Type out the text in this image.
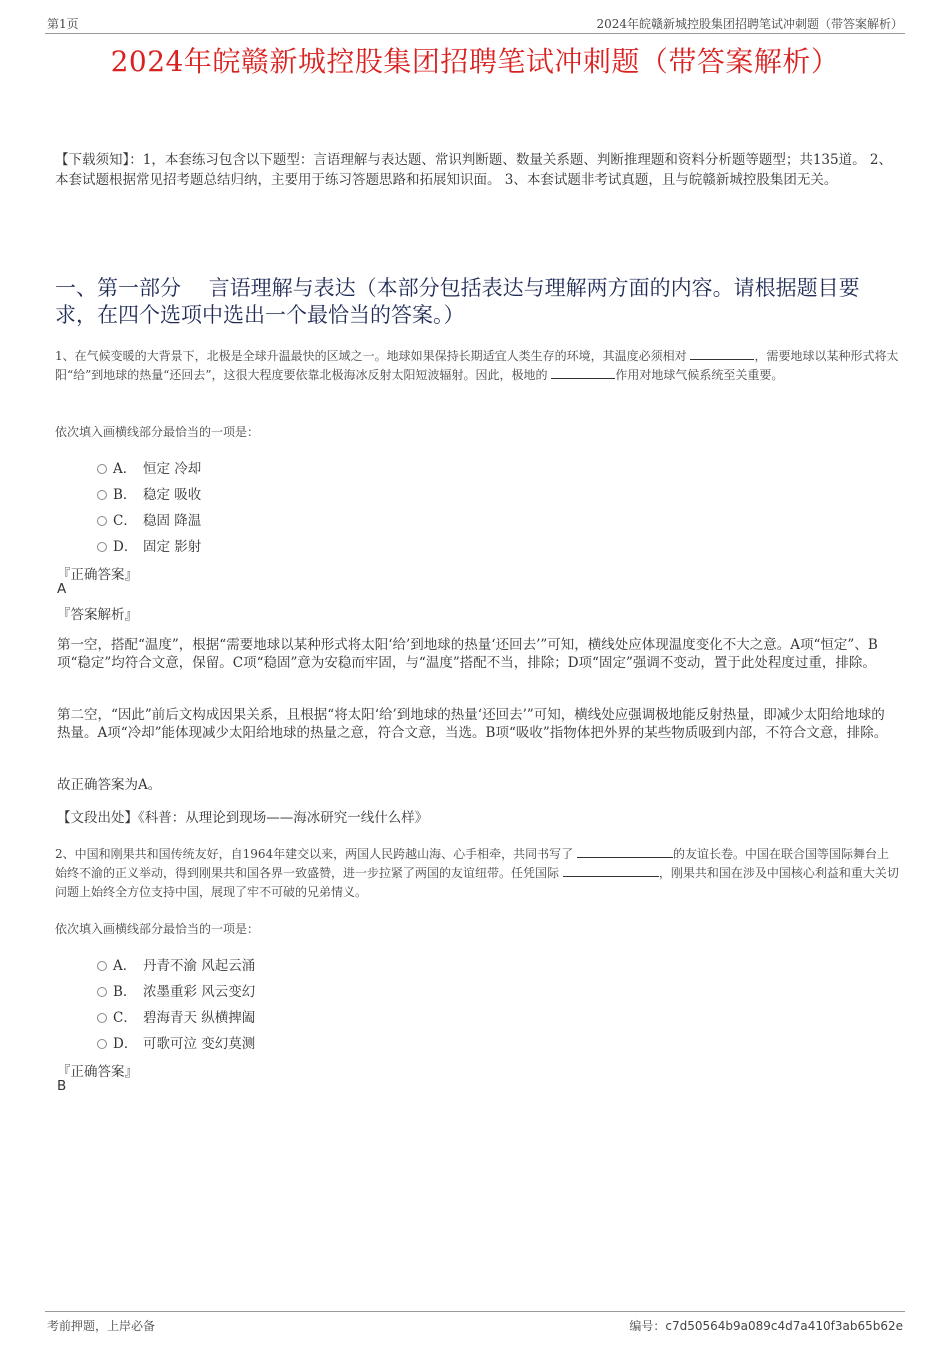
第1页	2024年皖赣新城控股集团招聘笔试冲刺题（带答案解析）
2024年皖赣新城控股集团招聘笔试冲刺题（带答案解析）
【下载须知】：1，本套练习包含以下题型：言语理解与表达题、常识判断题、数量关系题、判断推理题和资料分析题等题型；共135道。 2、本套试题根据常见招考题总结归纳，主要用于练习答题思路和拓展知识面。 3、本套试题非考试真题，且与皖赣新城控股集团无关。
一、第一部分　 言语理解与表达（本部分包括表达与理解两方面的内容。请根据题目要求，在四个选项中选出一个最恰当的答案。）
1、在气候变暖的大背景下，北极是全球升温最快的区域之一。地球如果保持长期适宜人类生存的环境，其温度必须相对	，需要地球以某种形式将太阳“给”到地球的热量“还回去”，这很大程度要依靠北极海冰反射太阳短波辐射。因此，极地的	作用对地球气候系统至关重要。
依次填入画横线部分最恰当的一项是：
A． 恒定 冷却
B． 稳定 吸收
C． 稳固 降温
D． 固定 影射
『正确答案』
A
『答案解析』
第一空，搭配“温度”，根据“需要地球以某种形式将太阳‘给’到地球的热量‘还回去’”可知，横线处应体现温度变化不大之意。A项“恒定”、B项“稳定”均符合文意，保留。C项“稳固”意为安稳而牢固，与“温度”搭配不当，排除；D项“固定”强调不变动，置于此处程度过重，排除。
第二空，“因此”前后文构成因果关系，且根据“将太阳‘给’到地球的热量‘还回去’”可知，横线处应强调极地能反射热量，即减少太阳给地球的热量。A项“冷却”能体现减少太阳给地球的热量之意，符合文意，当选。B项“吸收”指物体把外界的某些物质吸到内部，不符合文意，排除。
故正确答案为A。
【文段出处】《科普：从理论到现场——海冰研究一线什么样》
2、中国和刚果共和国传统友好，自1964年建交以来，两国人民跨越山海、心手相牵，共同书写了	的友谊长卷。中国在联合国等国际舞台上始终不渝的正义举动，得到刚果共和国各界一致盛赞，进一步拉紧了两国的友谊纽带。任凭国际	，刚果共和国在涉及中国核心利益和重大关切问题上始终全方位支持中国，展现了牢不可破的兄弟情义。
依次填入画横线部分最恰当的一项是：
A． 丹青不渝 风起云涌
B． 浓墨重彩 风云变幻
C． 碧海青天 纵横捭阖
D． 可歌可泣 变幻莫测
『正确答案』
B
考前押题，上岸必备	编号：c7d50564b9a089c4d7a410f3ab65b62e
